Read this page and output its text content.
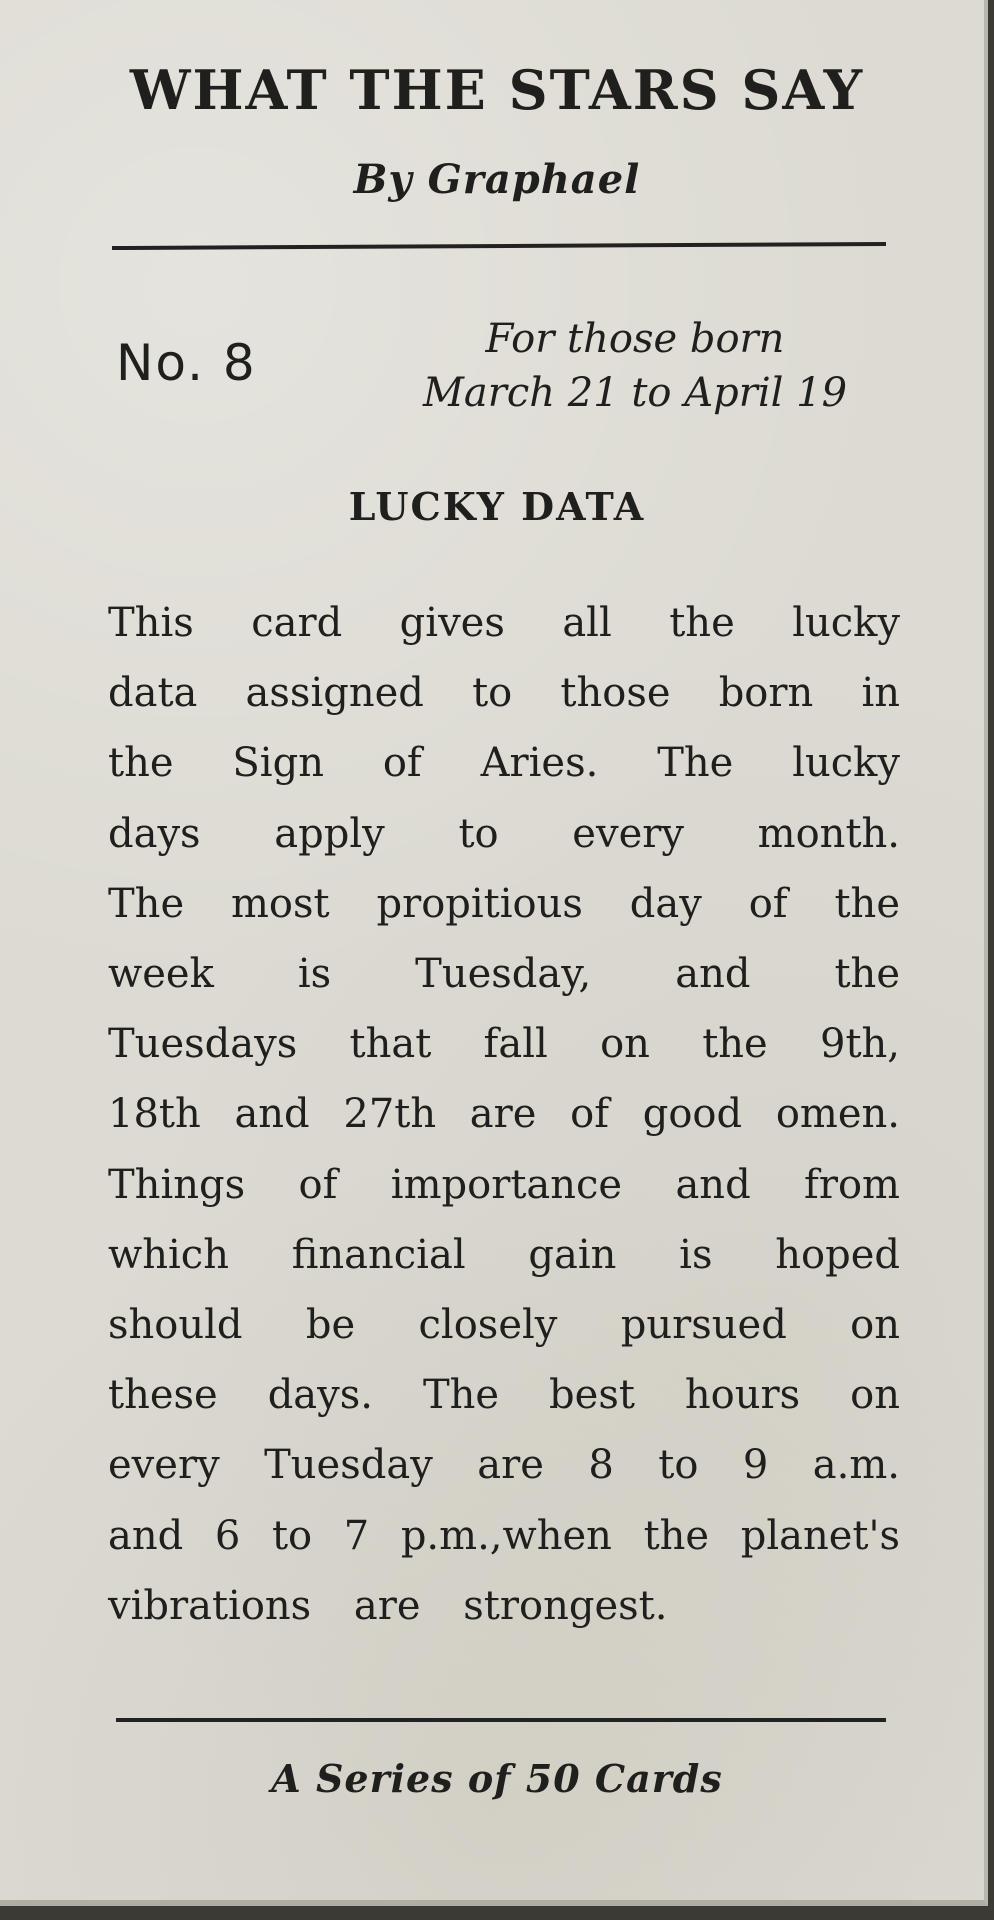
WHAT THE STARS SAY
By Graphael
No. 8	For those born
March 21 to April 19
LUCKY DATA
This card gives all the lucky
data assigned to those born in
the Sign of Aries. The lucky
days apply to every month.
The most propitious day of the
week is Tuesday, and the
Tuesdays that fall on the 9th,
18th and 27th are of good omen.
Things of importance and from
which financial gain is hoped
should be closely pursued on
these days. The best hours on
every Tuesday are 8 to 9 a.m.
and 6 to 7 p.m.,when the planet's
vibrations are strongest.
A Series of 50 Cards
